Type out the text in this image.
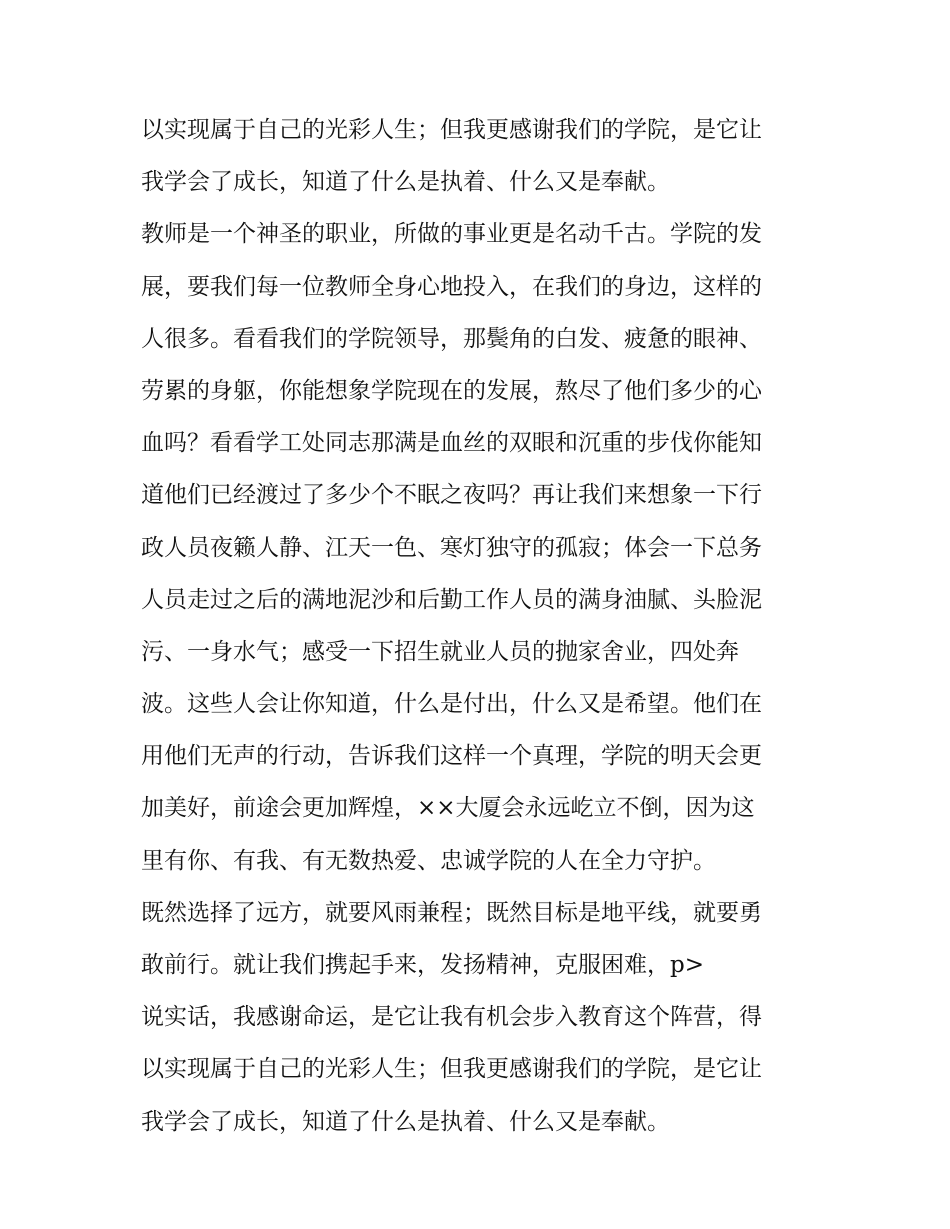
以实现属于自己的光彩人生；但我更感谢我们的学院，是它让
我学会了成长，知道了什么是执着、什么又是奉献。
教师是一个神圣的职业，所做的事业更是名动千古。学院的发
展，要我们每一位教师全身心地投入，在我们的身边，这样的
人很多。看看我们的学院领导，那鬓角的白发、疲惫的眼神、
劳累的身躯，你能想象学院现在的发展，熬尽了他们多少的心
血吗？看看学工处同志那满是血丝的双眼和沉重的步伐你能知
道他们已经渡过了多少个不眠之夜吗？再让我们来想象一下行
政人员夜籁人静、江天一色、寒灯独守的孤寂；体会一下总务
人员走过之后的满地泥沙和后勤工作人员的满身油腻、头脸泥
污、一身水气；感受一下招生就业人员的抛家舍业，四处奔
波。这些人会让你知道，什么是付出，什么又是希望。他们在
用他们无声的行动，告诉我们这样一个真理，学院的明天会更
加美好，前途会更加辉煌，××大厦会永远屹立不倒，因为这
里有你、有我、有无数热爱、忠诚学院的人在全力守护。
既然选择了远方，就要风雨兼程；既然目标是地平线，就要勇
敢前行。就让我们携起手来，发扬精神，克服困难，p>
说实话，我感谢命运，是它让我有机会步入教育这个阵营，得
以实现属于自己的光彩人生；但我更感谢我们的学院，是它让
我学会了成长，知道了什么是执着、什么又是奉献。
